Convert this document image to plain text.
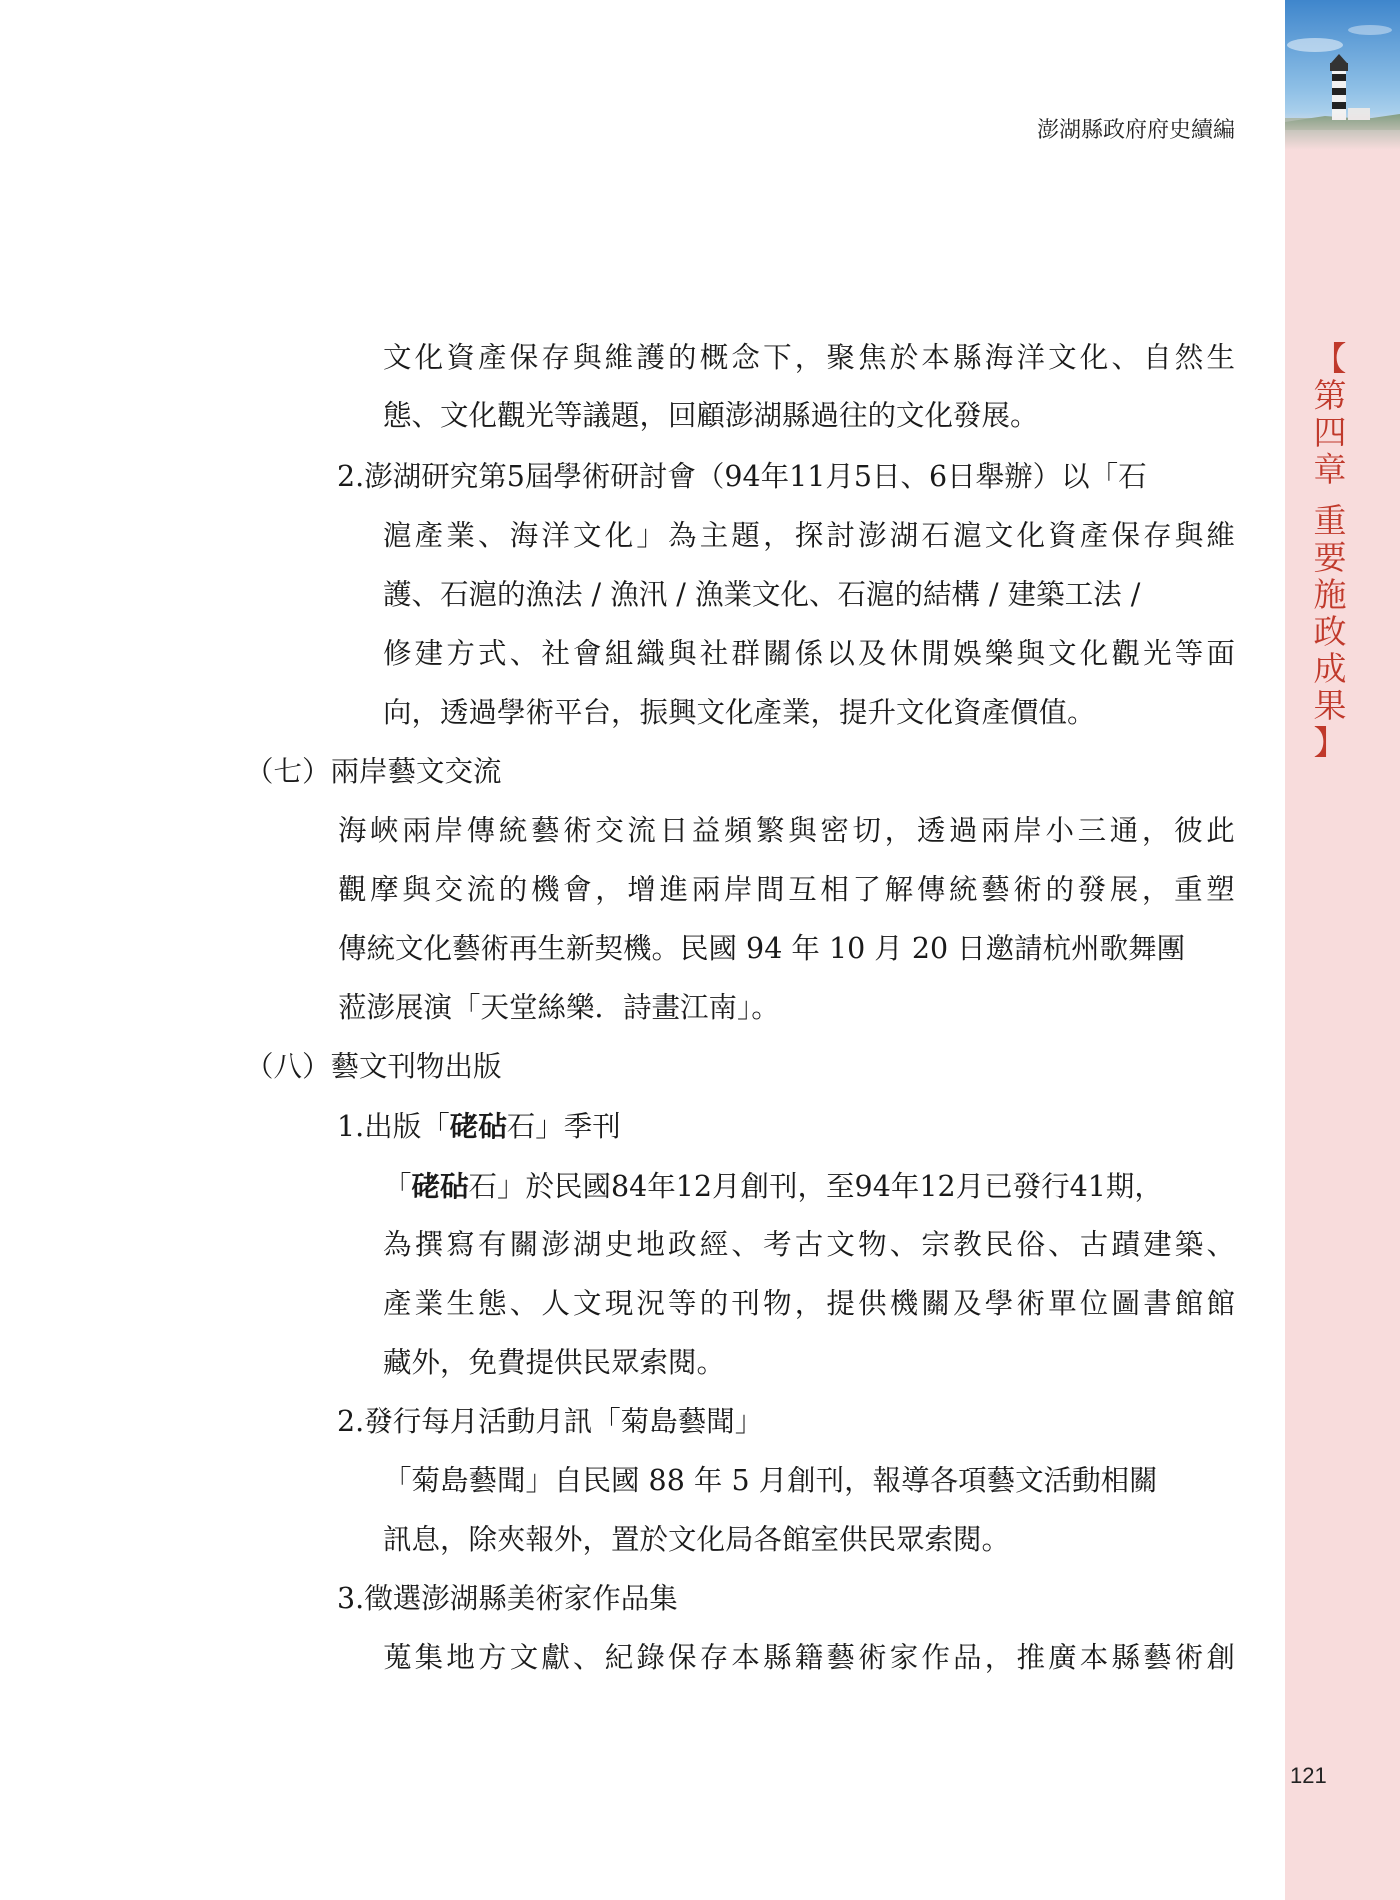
澎湖縣政府府史續編
【
第
四
章
重
要
施
政
成
果
】
文 化 資 產 保 存 與 維 護 的 概 念 下 ， 聚 焦 於 本 縣 海 洋 文 化 、 自 然 生
態、文化觀光等議題，回顧澎湖縣過往的文化發展。
2.澎湖研究第5屆學術研討會（94年11月5日、6日舉辦）以「石
滬 產 業 、 海 洋 文 化 」 為 主 題 ， 探 討 澎 湖 石 滬 文 化 資 產 保 存 與 維
護、石滬的漁法 / 漁汛 / 漁業文化、石滬的結構 / 建築工法 /
修 建 方 式 、 社 會 組 織 與 社 群 關 係 以 及 休 閒 娛 樂 與 文 化 觀 光 等 面
向，透過學術平台，振興文化產業，提升文化資產價值。
（七）兩岸藝文交流
海 峽 兩 岸 傳 統 藝 術 交 流 日 益 頻 繁 與 密 切 ， 透 過 兩 岸 小 三 通 ， 彼 此
觀 摩 與 交 流 的 機 會 ， 增 進 兩 岸 間 互 相 了 解 傳 統 藝 術 的 發 展 ， 重 塑
傳統文化藝術再生新契機。民國 94 年 10 月 20 日邀請杭州歌舞團
蒞澎展演「天堂絲樂．詩畫江南」。
（八）藝文刊物出版
1.出版「硓砧石」季刊
「硓砧石」於民國84年12月創刊，至94年12月已發行41期，
為 撰 寫 有 關 澎 湖 史 地 政 經 、 考 古 文 物 、 宗 教 民 俗 、 古 蹟 建 築 、
產 業 生 態 、 人 文 現 況 等 的 刊 物 ， 提 供 機 關 及 學 術 單 位 圖 書 館 館
藏外，免費提供民眾索閱。
2.發行每月活動月訊「菊島藝聞」
「菊島藝聞」自民國 88 年 5 月創刊，報導各項藝文活動相關
訊息，除夾報外，置於文化局各館室供民眾索閱。
3.徵選澎湖縣美術家作品集
蒐 集 地 方 文 獻 、 紀 錄 保 存 本 縣 籍 藝 術 家 作 品 ， 推 廣 本 縣 藝 術 創
121
